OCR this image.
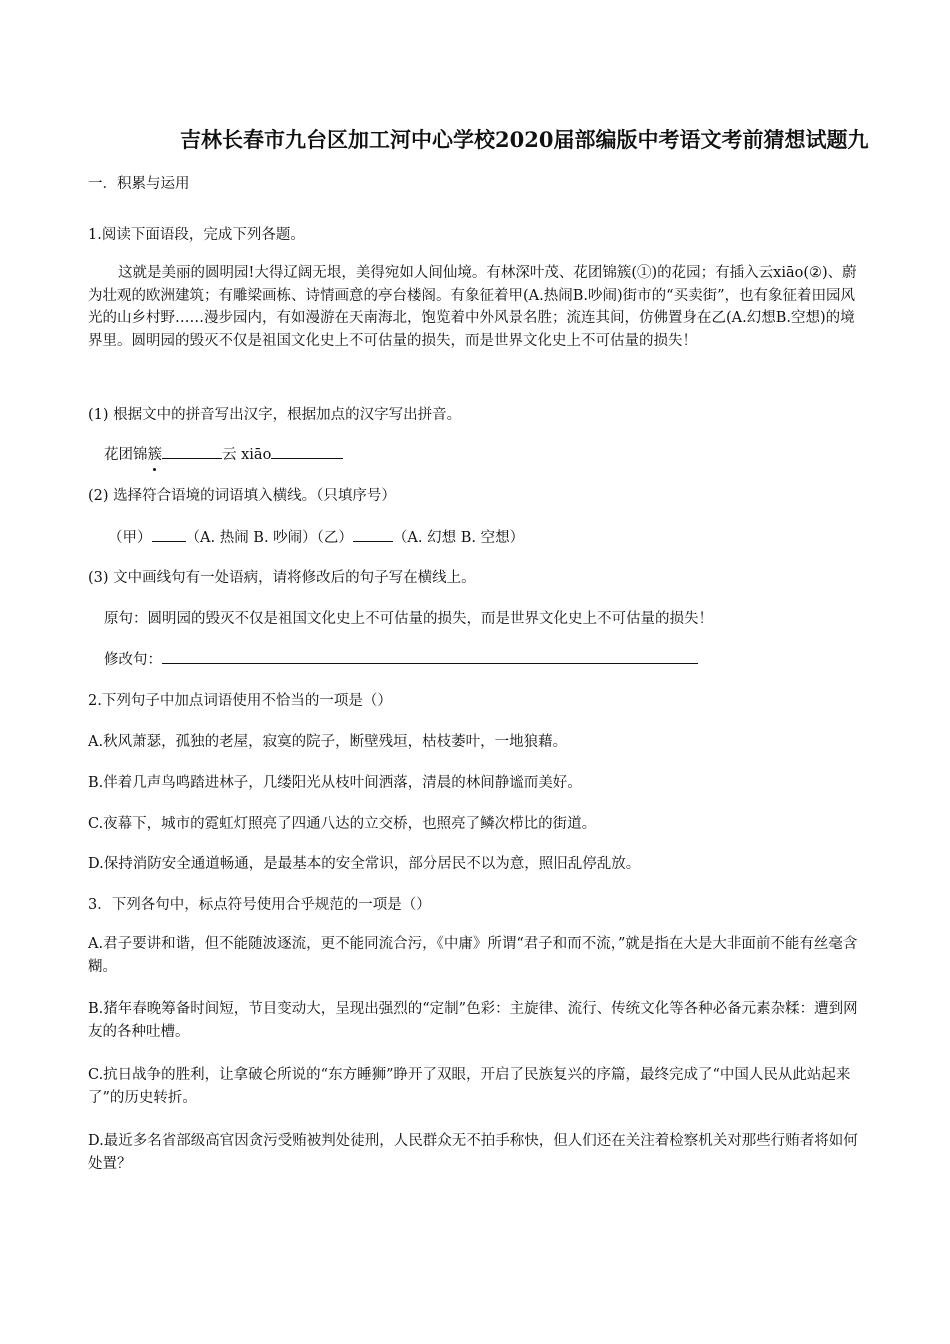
吉林长春市九台区加工河中心学校2020届部编版中考语文考前猜想试题九
一．积累与运用
1.阅读下面语段，完成下列各题。
这就是美丽的圆明园!大得辽阔无垠，美得宛如人间仙境。有林深叶茂、花团锦簇(①)的花园；有插入云xiāo(②)、蔚为壮观的欧洲建筑；有雕梁画栋、诗情画意的亭台楼阁。有象征着甲(A.热闹B.吵闹)街市的“买卖街”，也有象征着田园风光的山乡村野……漫步园内，有如漫游在天南海北，饱览着中外风景名胜；流连其间，仿佛置身在乙(A.幻想B.空想)的境界里。圆明园的毁灭不仅是祖国文化史上不可估量的损失，而是世界文化史上不可估量的损失！
(1) 根据文中的拼音写出汉字，根据加点的汉字写出拼音。
花团锦簇	云 xiāo
(2) 选择符合语境的词语填入横线。（只填序号）
（甲） （A. 热闹 B. 吵闹）（乙）	（A. 幻想 B. 空想）
(3) 文中画线句有一处语病，请将修改后的句子写在横线上。
原句：圆明园的毁灭不仅是祖国文化史上不可估量的损失，而是世界文化史上不可估量的损失！
修改句：
2.下列句子中加点词语使用不恰当的一项是（）
A.秋风萧瑟，孤独的老屋，寂寞的院子，断壁残垣，枯枝萎叶，一地狼藉。
B.伴着几声鸟鸣踏进林子，几缕阳光从枝叶间洒落，清晨的林间静谧而美好。
C.夜幕下，城市的霓虹灯照亮了四通八达的立交桥，也照亮了鳞次栉比的街道。
D.保持消防安全通道畅通，是最基本的安全常识，部分居民不以为意，照旧乱停乱放。
3．下列各句中，标点符号使用合乎规范的一项是（）
A.君子要讲和谐，但不能随波逐流，更不能同流合污，《中庸》所谓“君子和而不流，”就是指在大是大非面前不能有丝毫含糊。
B.猪年春晚筹备时间短，节目变动大，呈现出强烈的“定制”色彩：主旋律、流行、传统文化等各种必备元素杂糅：遭到网友的各种吐槽。
C.抗日战争的胜利，让拿破仑所说的“东方睡狮”睁开了双眼，开启了民族复兴的序篇，最终完成了“中国人民从此站起来了”的历史转折。
D.最近多名省部级高官因贪污受贿被判处徒刑，人民群众无不拍手称快，但人们还在关注着检察机关对那些行贿者将如何处置？
